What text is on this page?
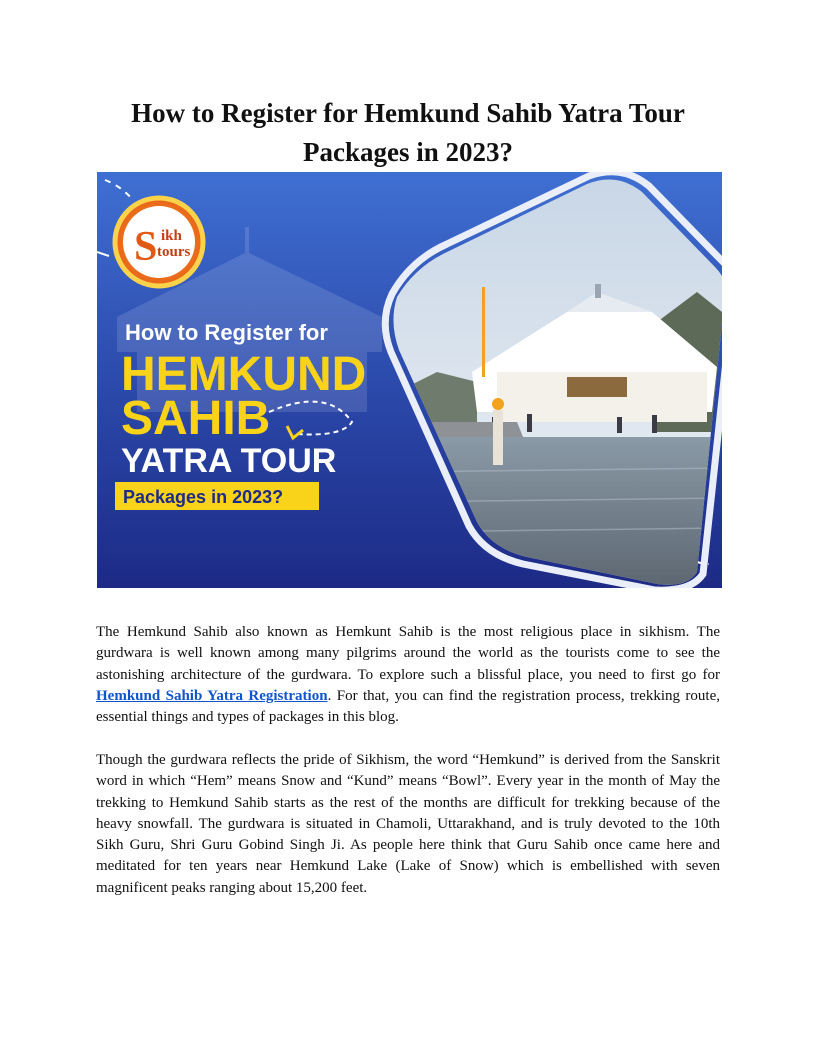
How to Register for Hemkund Sahib Yatra Tour Packages in 2023?
S ikh
tours
How to Register for
HEMKUND
SAHIB
YATRA TOUR
Packages in 2023?

The Hemkund Sahib also known as Hemkunt Sahib is the most religious place in sikhism. The gurdwara is well known among many pilgrims around the world as the tourists come to see the astonishing architecture of the gurdwara. To explore such a blissful place, you need to first go for Hemkund Sahib Yatra Registration. For that, you can find the registration process, trekking route, essential things and types of packages in this blog.

Though the gurdwara reflects the pride of Sikhism, the word “Hemkund” is derived from the Sanskrit word in which “Hem” means Snow and “Kund” means “Bowl”. Every year in the month of May the trekking to Hemkund Sahib starts as the rest of the months are difficult for trekking because of the heavy snowfall. The gurdwara is situated in Chamoli, Uttarakhand, and is truly devoted to the 10th Sikh Guru, Shri Guru Gobind Singh Ji. As people here think that Guru Sahib once came here and meditated for ten years near Hemkund Lake (Lake of Snow) which is embellished with seven magnificent peaks ranging about 15,200 feet.
